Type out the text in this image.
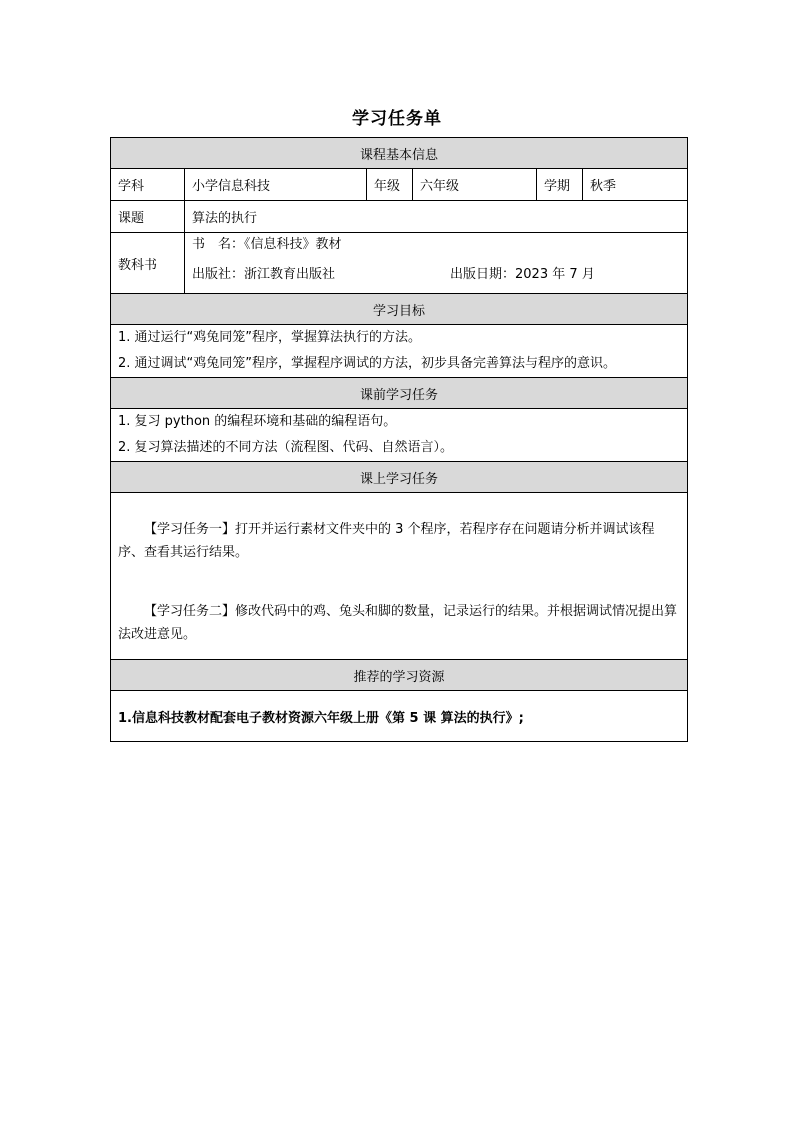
学习任务单
课程基本信息					
学科	小学信息科技	年级	六年级	学期	秋季
课题	算法的执行				
教科书	书　名：《信息科技》教材
出版社：浙江教育出版社 出版日期：2023 年 7 月				

学习目标					

1. 通过运行“鸡兔同笼”程序，掌握算法执行的方法。
2. 通过调试“鸡兔同笼”程序，掌握程序调试的方法，初步具备完善算法与程序的意识。					

课前学习任务					

1. 复习 python 的编程环境和基础的编程语句。
2. 复习算法描述的不同方法（流程图、代码、自然语言）。					

课上学习任务					

【学习任务一】打开并运行素材文件夹中的 3 个程序，若程序存在问题请分析并调试该程序、查看其运行结果。
【学习任务二】修改代码中的鸡、兔头和脚的数量，记录运行的结果。并根据调试情况提出算法改进意见。					

推荐的学习资源					
1.信息科技教材配套电子教材资源六年级上册《第 5 课 算法的执行》;					
